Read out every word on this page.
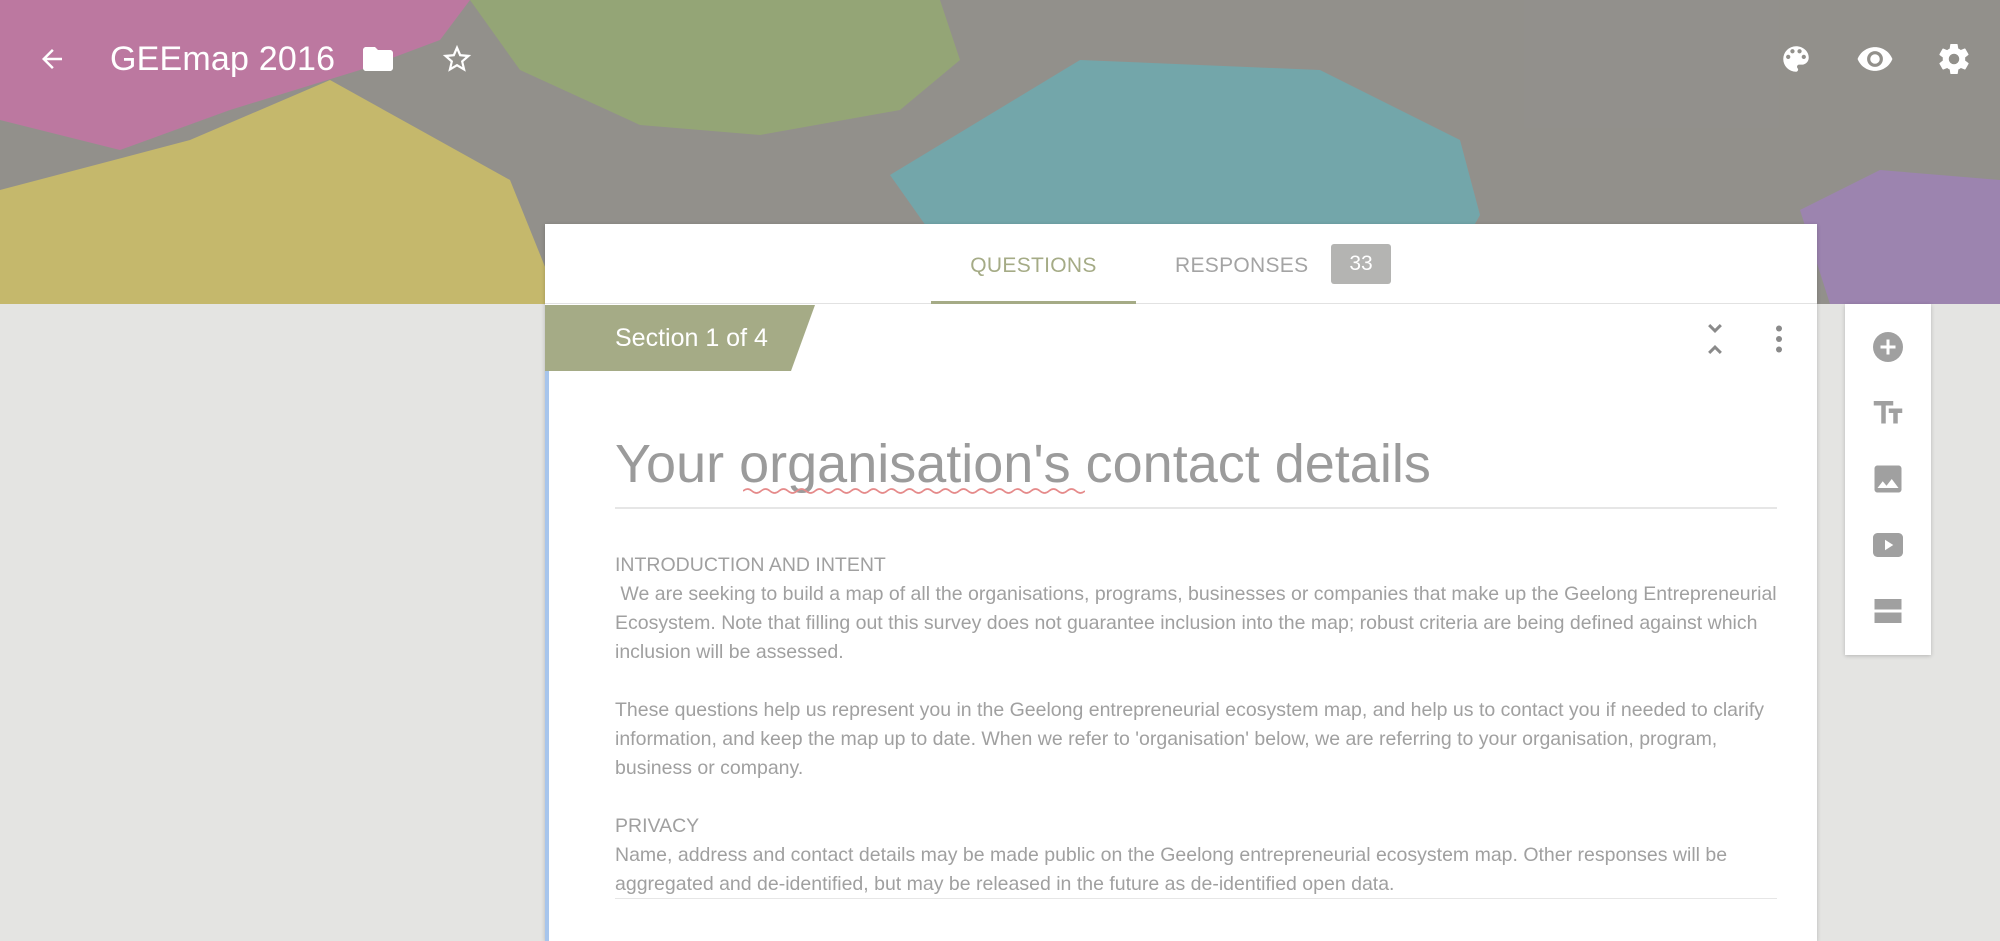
GEEmap 2016
QUESTIONS	RESPONSES	33
Section 1 of 4
Your organisation's contact details

INTRODUCTION AND INTENT

We are seeking to build a map of all the organisations, programs, businesses or companies that make up the Geelong Entrepreneurial Ecosystem. Note that filling out this survey does not guarantee inclusion into the map; robust criteria are being defined against which inclusion will be assessed.

These questions help us represent you in the Geelong entrepreneurial ecosystem map, and help us to contact you if needed to clarify information, and keep the map up to date. When we refer to 'organisation' below, we are referring to your organisation, program, business or company.

PRIVACY

Name, address and contact details may be made public on the Geelong entrepreneurial ecosystem map. Other responses will be aggregated and de-identified, but may be released in the future as de-identified open data.
